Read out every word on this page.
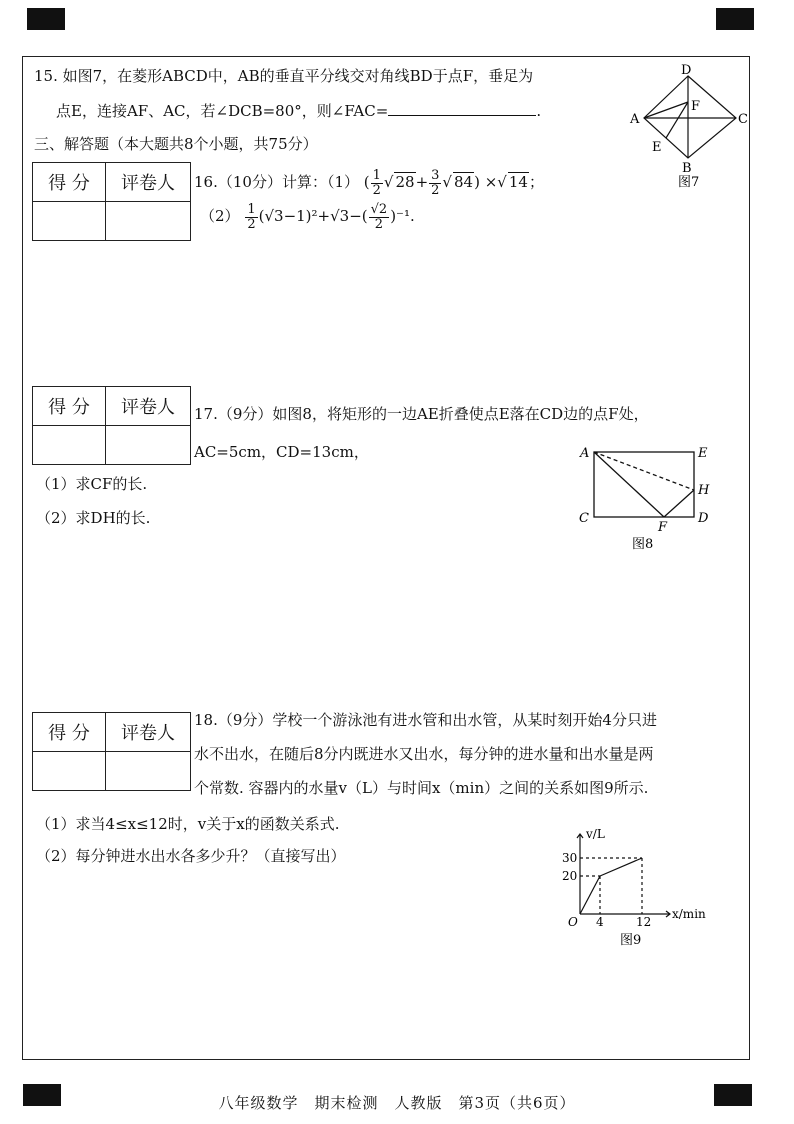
15. 如图7，在菱形ABCD中，AB的垂直平分线交对角线BD于点F，垂足为
点E，连接AF、AC，若∠DCB=80°，则∠FAC=	.
D
A
F
C
E
B
图7
三、解答题（本大题共8个小题，共75分）
得 分	评卷人
	16.（10分）计算：（1） ( $\frac{1}{2}$ √ $28+ \frac{3}{2}$ √ 84) ×√ 14；
$(2) \frac{1}{2} (√3-1)^2+√3-( \frac{√2}{2} )^{-1}$.
得 分	评卷人
	17.（9分）如图8，将矩形的一边AE折叠使点E落在CD边的点F处，
AC=5cm，CD=13cm，
（1）求CF的长.
（2）求DH的长.
A	E
H
C
F
D
图8
得 分	评卷人

18.（9分）学校一个游泳池有进水管和出水管，从某时刻开始4分只进
水不出水，在随后8分内既进水又出水，每分钟的进水量和出水量是两
个常数. 容器内的水量v（L）与时间x（min）之间的关系如图9所示.
（1）求当4≤x≤12时，v关于x的函数关系式.
（2）每分钟进水出水各多少升？（直接写出）
v/L
x/min
O 4	12
20
30
图9
八年级数学　期末检测　人教版　第3页（共6页）
